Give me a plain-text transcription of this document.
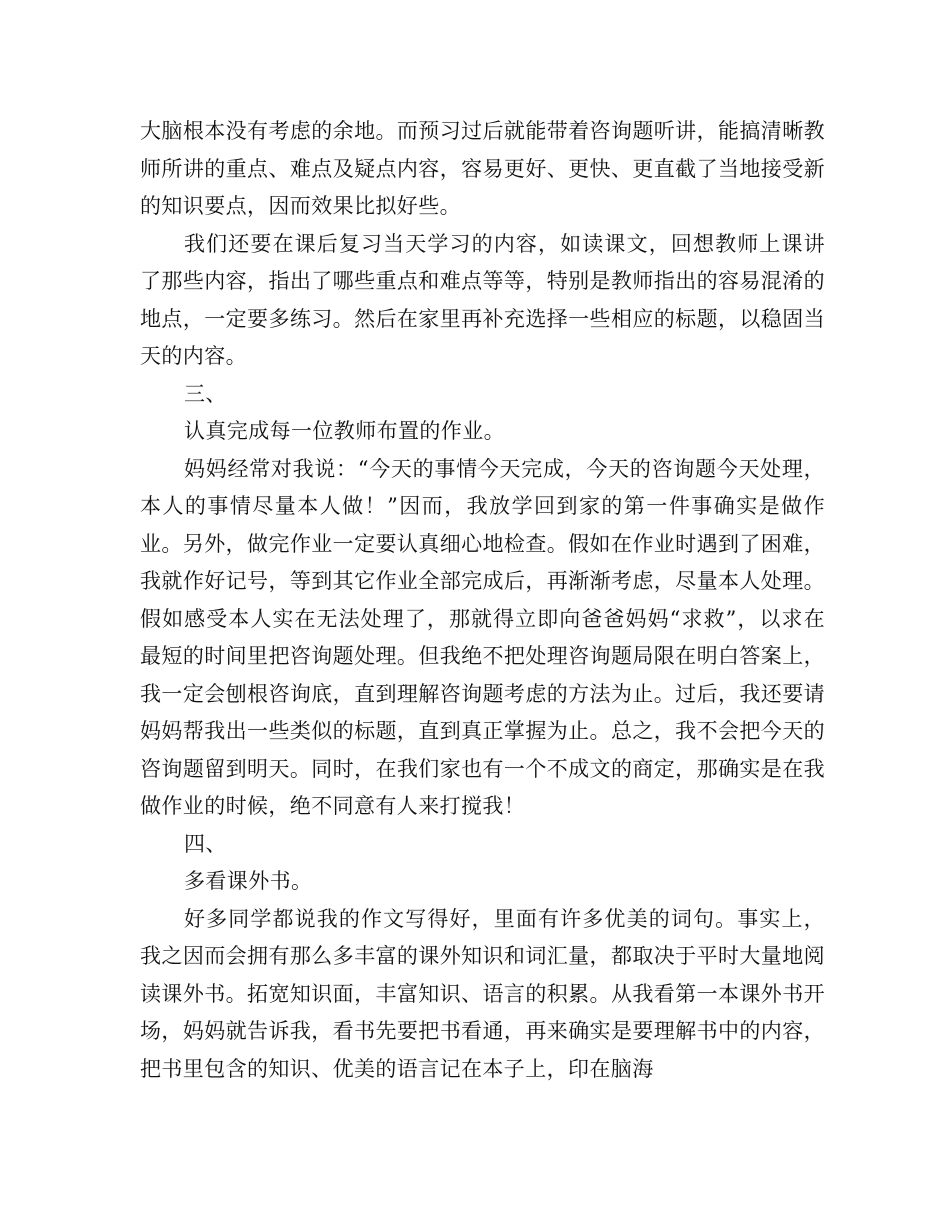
大脑根本没有考虑的余地。而预习过后就能带着咨询题听讲，能搞清晰教师所讲的重点、难点及疑点内容，容易更好、更快、更直截了当地接受新的知识要点，因而效果比拟好些。

我们还要在课后复习当天学习的内容，如读课文，回想教师上课讲了那些内容，指出了哪些重点和难点等等，特别是教师指出的容易混淆的地点，一定要多练习。然后在家里再补充选择一些相应的标题，以稳固当天的内容。

三、

认真完成每一位教师布置的作业。

妈妈经常对我说：“今天的事情今天完成，今天的咨询题今天处理，本人的事情尽量本人做！”因而，我放学回到家的第一件事确实是做作业。另外，做完作业一定要认真细心地检查。假如在作业时遇到了困难，我就作好记号，等到其它作业全部完成后，再渐渐考虑，尽量本人处理。假如感受本人实在无法处理了，那就得立即向爸爸妈妈“求救”，以求在最短的时间里把咨询题处理。但我绝不把处理咨询题局限在明白答案上，我一定会刨根咨询底，直到理解咨询题考虑的方法为止。过后，我还要请妈妈帮我出一些类似的标题，直到真正掌握为止。总之，我不会把今天的咨询题留到明天。同时，在我们家也有一个不成文的商定，那确实是在我做作业的时候，绝不同意有人来打搅我！

四、

多看课外书。

好多同学都说我的作文写得好，里面有许多优美的词句。事实上，我之因而会拥有那么多丰富的课外知识和词汇量，都取决于平时大量地阅读课外书。拓宽知识面，丰富知识、语言的积累。从我看第一本课外书开场，妈妈就告诉我，看书先要把书看通，再来确实是要理解书中的内容，把书里包含的知识、优美的语言记在本子上，印在脑海
